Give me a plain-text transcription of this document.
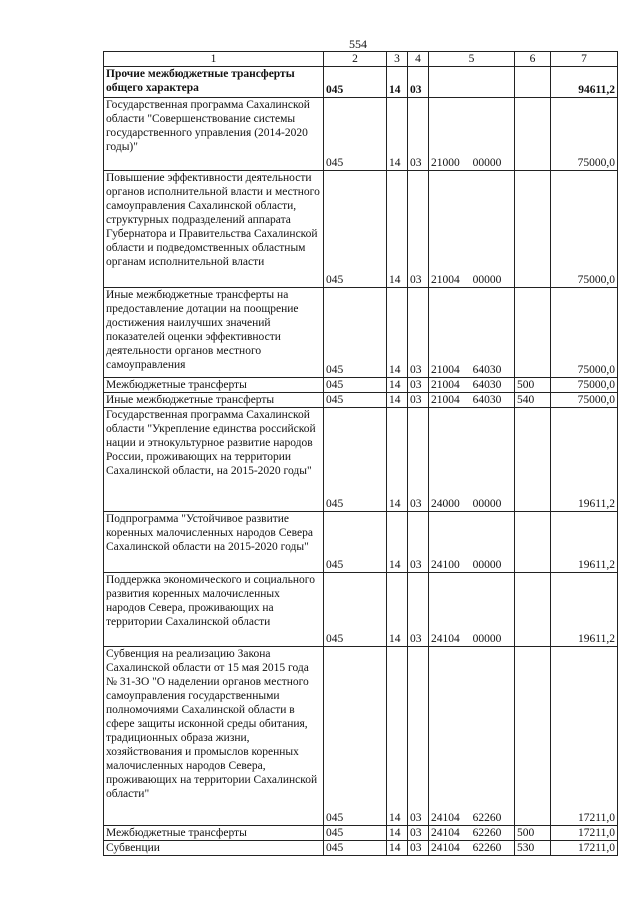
554
1	2	3	4	5	6	7
Прочие межбюджетные трансферты общего характера	045	14	03			94611,2
Государственная программа Сахалинской области "Совершенствование системы государственного управления (2014-2020 годы)"	045	14	03	21000 00000		75000,0
Повышение эффективности деятельности органов исполнительной власти и местного самоуправления Сахалинской области, структурных подразделений аппарата Губернатора и Правительства Сахалинской области и подведомственных областным органам исполнительной власти	045	14	03	21004 00000		75000,0
Иные межбюджетные трансферты на предоставление дотации на поощрение достижения наилучших значений показателей оценки эффективности деятельности органов местного самоуправления	045	14	03	21004 64030		75000,0
Межбюджетные трансферты	045	14	03	21004 64030	500	75000,0
Иные межбюджетные трансферты	045	14	03	21004 64030	540	75000,0
Государственная программа Сахалинской области "Укрепление единства российской нации и этнокультурное развитие народов России, проживающих на территории Сахалинской области, на 2015-2020 годы"	045	14	03	24000 00000		19611,2
Подпрограмма "Устойчивое развитие коренных малочисленных народов Севера Сахалинской области на 2015-2020 годы"	045	14	03	24100 00000		19611,2
Поддержка экономического и социального развития коренных малочисленных народов Севера, проживающих на территории Сахалинской области	045	14	03	24104 00000		19611,2
Субвенция на реализацию Закона Сахалинской области от 15 мая 2015 года № 31-ЗО "О наделении органов местного самоуправления государственными полномочиями Сахалинской области в сфере защиты исконной среды обитания, традиционных образа жизни, хозяйствования и промыслов коренных малочисленных народов Севера, проживающих на территории Сахалинской области"	045	14	03	24104 62260		17211,0
Межбюджетные трансферты	045	14	03	24104 62260	500	17211,0
Субвенции	045	14	03	24104 62260	530	17211,0
